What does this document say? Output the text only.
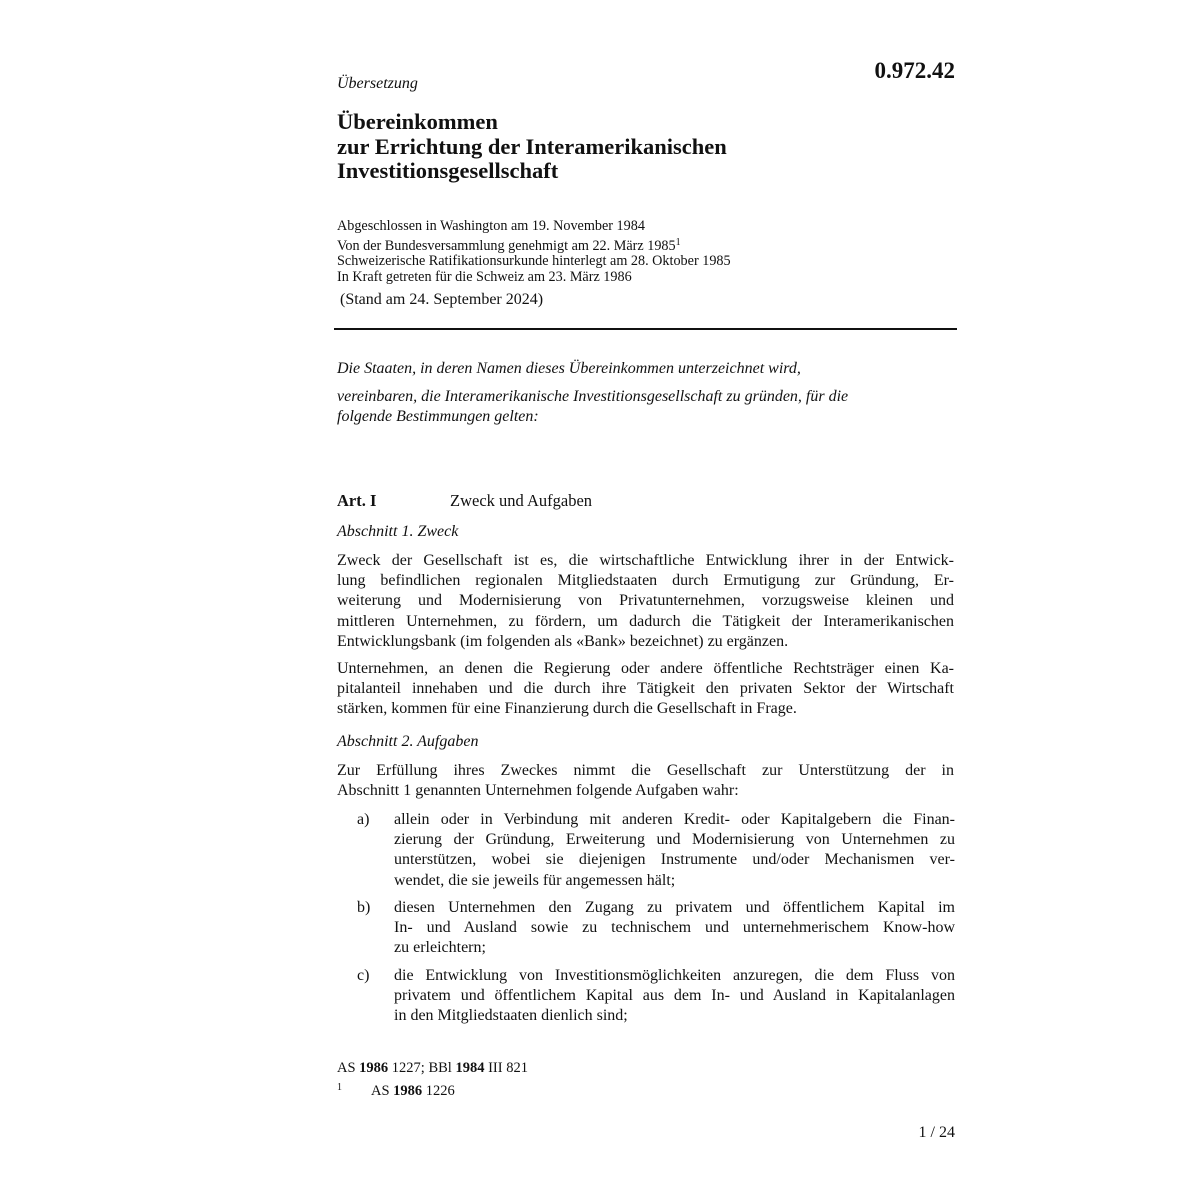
0.972.42
Übersetzung
Übereinkommen
zur Errichtung der Interamerikanischen
Investitionsgesellschaft
Abgeschlossen in Washington am 19. November 1984
Von der Bundesversammlung genehmigt am 22. März 1985$^1$
Schweizerische Ratifikationsurkunde hinterlegt am 28. Oktober 1985
In Kraft getreten für die Schweiz am 23. März 1986
(Stand am 24. September 2024)
Die Staaten, in deren Namen dieses Übereinkommen unterzeichnet wird,
vereinbaren, die Interamerikanische Investitionsgesellschaft zu gründen, für die
folgende Bestimmungen gelten:
Art. I	Zweck und Aufgaben
Abschnitt 1. Zweck
Zweck der Gesellschaft ist es, die wirtschaftliche Entwicklung ihrer in der Entwick-
lung befindlichen regionalen Mitgliedstaaten durch Ermutigung zur Gründung, Er-
weiterung und Modernisierung von Privatunternehmen, vorzugsweise kleinen und
mittleren Unternehmen, zu fördern, um dadurch die Tätigkeit der Interamerikanischen
Entwicklungsbank (im folgenden als «Bank» bezeichnet) zu ergänzen.
Unternehmen, an denen die Regierung oder andere öffentliche Rechtsträger einen Ka-
pitalanteil innehaben und die durch ihre Tätigkeit den privaten Sektor der Wirtschaft
stärken, kommen für eine Finanzierung durch die Gesellschaft in Frage.
Abschnitt 2. Aufgaben
Zur Erfüllung ihres Zweckes nimmt die Gesellschaft zur Unterstützung der in
Abschnitt 1 genannten Unternehmen folgende Aufgaben wahr:
a) allein oder in Verbindung mit anderen Kredit- oder Kapitalgebern die Finan-
zierung der Gründung, Erweiterung und Modernisierung von Unternehmen zu
unterstützen, wobei sie diejenigen Instrumente und/oder Mechanismen ver-
wendet, die sie jeweils für angemessen hält;
b) diesen Unternehmen den Zugang zu privatem und öffentlichem Kapital im
In- und Ausland sowie zu technischem und unternehmerischem Know-how
zu erleichtern;
c) die Entwicklung von Investitionsmöglichkeiten anzuregen, die dem Fluss von
privatem und öffentlichem Kapital aus dem In- und Ausland in Kapitalanlagen
in den Mitgliedstaaten dienlich sind;
AS 1986 1227; BBl 1984 III 821
1 AS 1986 1226
1 / 24
